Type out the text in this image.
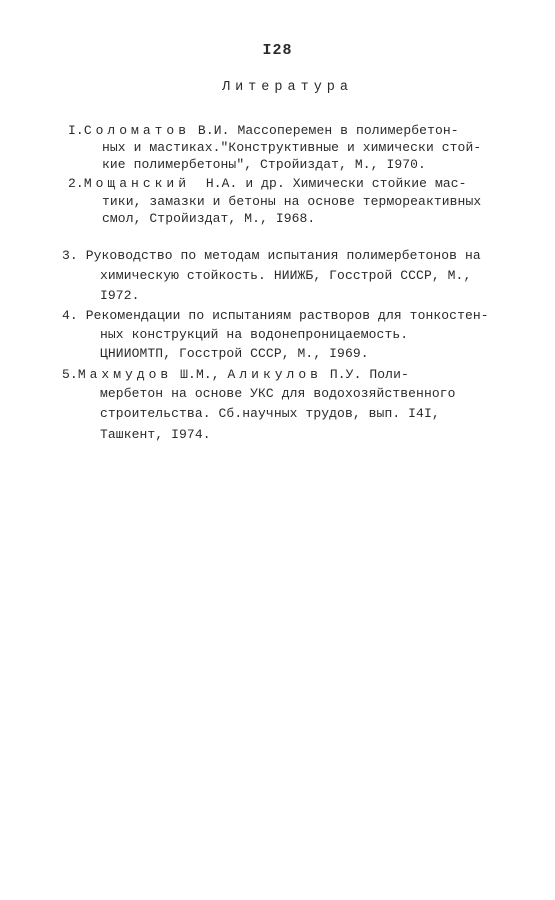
I28
Литература
I.Соломатов В.И. Массоперемен в полимербетон-
ных и мастиках."Конструктивные и химически стой-
кие полимербетоны", Стройиздат, М., I970.
2.Мощанский  Н.А. и др. Химически стойкие мас-
тики, замазки и бетоны на основе термореактивных
смол, Стройиздат, М., I968.
3. Руководство по методам испытания полимербетонов на
химическую стойкость. НИИЖБ, Госстрой СССР, М.,
I972.
4. Рекомендации по испытаниям растворов для тонкостен-
ных конструкций на водонепроницаемость.
ЦНИИОМТП, Госстрой СССР, М., I969.
5.Махмудов Ш.М., Аликулов П.У. Поли-
мербетон на основе УКС для водохозяйственного
строительства. Сб.научных трудов, вып. I4I,
Ташкент, I974.
